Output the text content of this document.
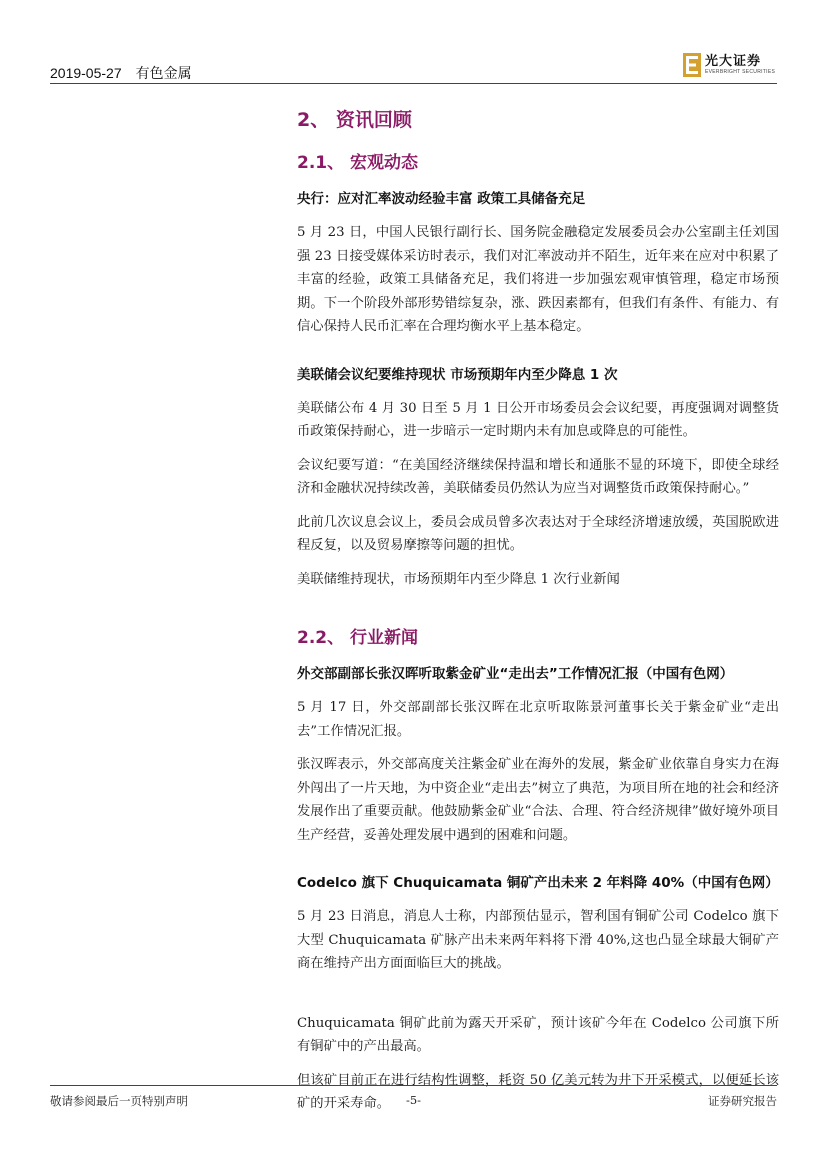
2019-05-27 有色金属
光大证券
EVERBRIGHT SECURITIES
2、 资讯回顾
2.1、 宏观动态
央行：应对汇率波动经验丰富 政策工具储备充足

5 月 23 日，中国人民银行副行长、国务院金融稳定发展委员会办公室副主任刘国强 23 日接受媒体采访时表示，我们对汇率波动并不陌生，近年来在应对中积累了丰富的经验，政策工具储备充足，我们将进一步加强宏观审慎管理，稳定市场预期。下一个阶段外部形势错综复杂，涨、跌因素都有，但我们有条件、有能力、有信心保持人民币汇率在合理均衡水平上基本稳定。

美联储会议纪要维持现状 市场预期年内至少降息 1 次

美联储公布 4 月 30 日至 5 月 1 日公开市场委员会会议纪要，再度强调对调整货币政策保持耐心，进一步暗示一定时期内未有加息或降息的可能性。

会议纪要写道：“在美国经济继续保持温和增长和通胀不显的环境下，即使全球经济和金融状况持续改善，美联储委员仍然认为应当对调整货币政策保持耐心。”

此前几次议息会议上，委员会成员曾多次表达对于全球经济增速放缓，英国脱欧进程反复，以及贸易摩擦等问题的担忧。

美联储维持现状，市场预期年内至少降息 1 次行业新闻

2.2、 行业新闻
外交部副部长张汉晖听取紫金矿业“走出去”工作情况汇报（中国有色网）

5 月 17 日，外交部副部长张汉晖在北京听取陈景河董事长关于紫金矿业“走出去”工作情况汇报。

张汉晖表示，外交部高度关注紫金矿业在海外的发展，紫金矿业依靠自身实力在海外闯出了一片天地，为中资企业“走出去”树立了典范，为项目所在地的社会和经济发展作出了重要贡献。他鼓励紫金矿业“合法、合理、符合经济规律”做好境外项目生产经营，妥善处理发展中遇到的困难和问题。

Codelco 旗下 Chuquicamata 铜矿产出未来 2 年料降 40%（中国有色网）

5 月 23 日消息，消息人士称，内部预估显示，智利国有铜矿公司 Codelco 旗下大型 Chuquicamata 矿脉产出未来两年料将下滑 40%,这也凸显全球最大铜矿产商在维持产出方面面临巨大的挑战。

Chuquicamata 铜矿此前为露天开采矿，预计该矿今年在 Codelco 公司旗下所有铜矿中的产出最高。

但该矿目前正在进行结构性调整，耗资 50 亿美元转为井下开采模式，以便延长该矿的开采寿命。

敬请参阅最后一页特别声明	-5-	证券研究报告
